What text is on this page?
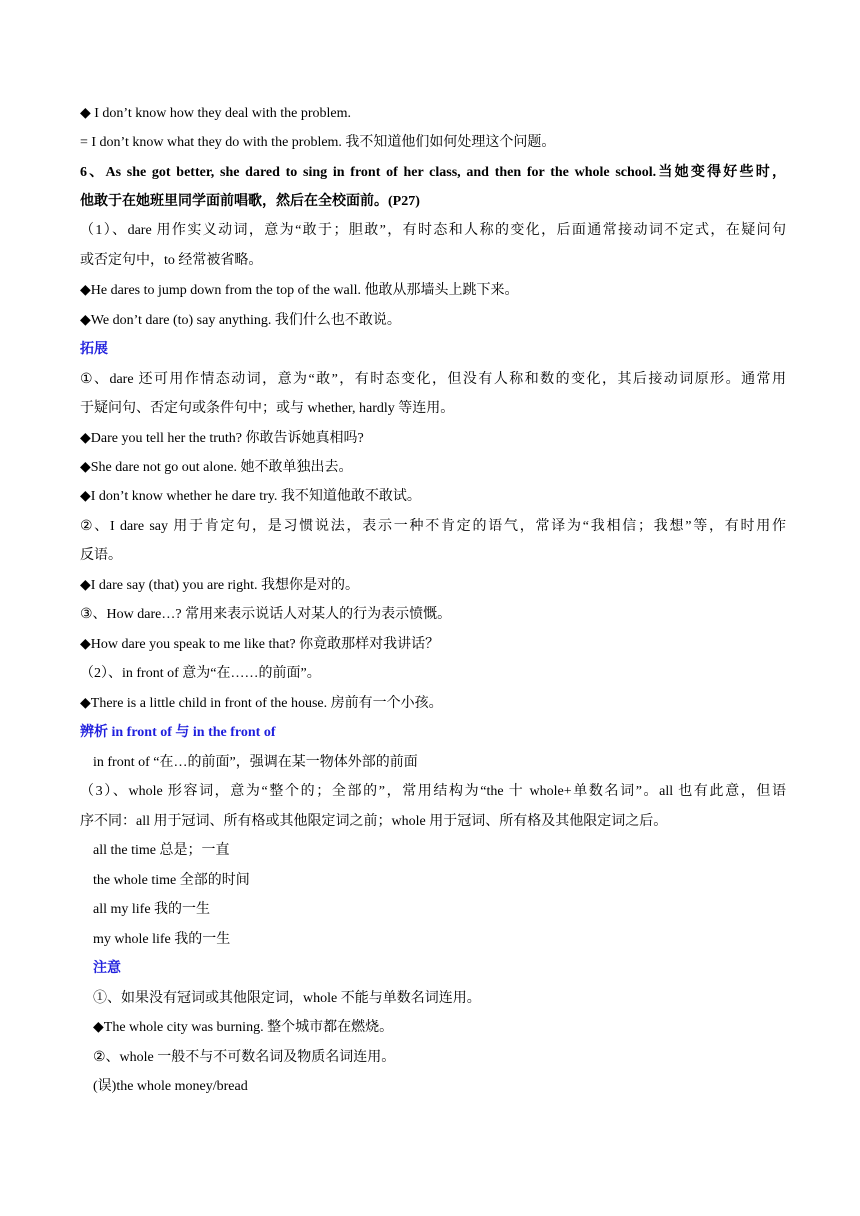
◆ I don’t know how they deal with the problem.
= I don’t know what they do with the problem. 我不知道他们如何处理这个问题。
6、As she got better, she dared to sing in front of her class, and then for the whole school.当她变得好些时，
他敢于在她班里同学面前唱歌，然后在全校面前。(P27)
（1）、dare 用作实义动词，意为“敢于；胆敢”，有时态和人称的变化，后面通常接动词不定式，在疑问句
或否定句中，to 经常被省略。
◆He dares to jump down from the top of the wall. 他敢从那墙头上跳下来。
◆We don’t dare (to) say anything. 我们什么也不敢说。
拓展
①、dare 还可用作情态动词，意为“敢”，有时态变化，但没有人称和数的变化，其后接动词原形。通常用
于疑问句、否定句或条件句中；或与 whether, hardly 等连用。
◆Dare you tell her the truth? 你敢告诉她真相吗?
◆She dare not go out alone. 她不敢单独出去。
◆I don’t know whether he dare try. 我不知道他敢不敢试。
②、I dare say 用于肯定句，是习惯说法，表示一种不肯定的语气，常译为“我相信；我想”等，有时用作
反语。
◆I dare say (that) you are right. 我想你是对的。
③、How dare…? 常用来表示说话人对某人的行为表示愤慨。
◆How dare you speak to me like that? 你竟敢那样对我讲话？
（2）、in front of 意为“在……的前面”。
◆There is a little child in front of the house. 房前有一个小孩。
辨析 in front of 与 in the front of
in front of “在…的前面”，强调在某一物体外部的前面
（3）、whole 形容词，意为“整个的；全部的”，常用结构为“the 十 whole+单数名词”。all 也有此意，但语
序不同：all 用于冠词、所有格或其他限定词之前；whole 用于冠词、所有格及其他限定词之后。
all the time 总是；一直
the whole time 全部的时间
all my life 我的一生
my whole life 我的一生
注意
①、如果没有冠词或其他限定词，whole 不能与单数名词连用。
◆The whole city was burning. 整个城市都在燃烧。
②、whole 一般不与不可数名词及物质名词连用。
(误)the whole money/bread
